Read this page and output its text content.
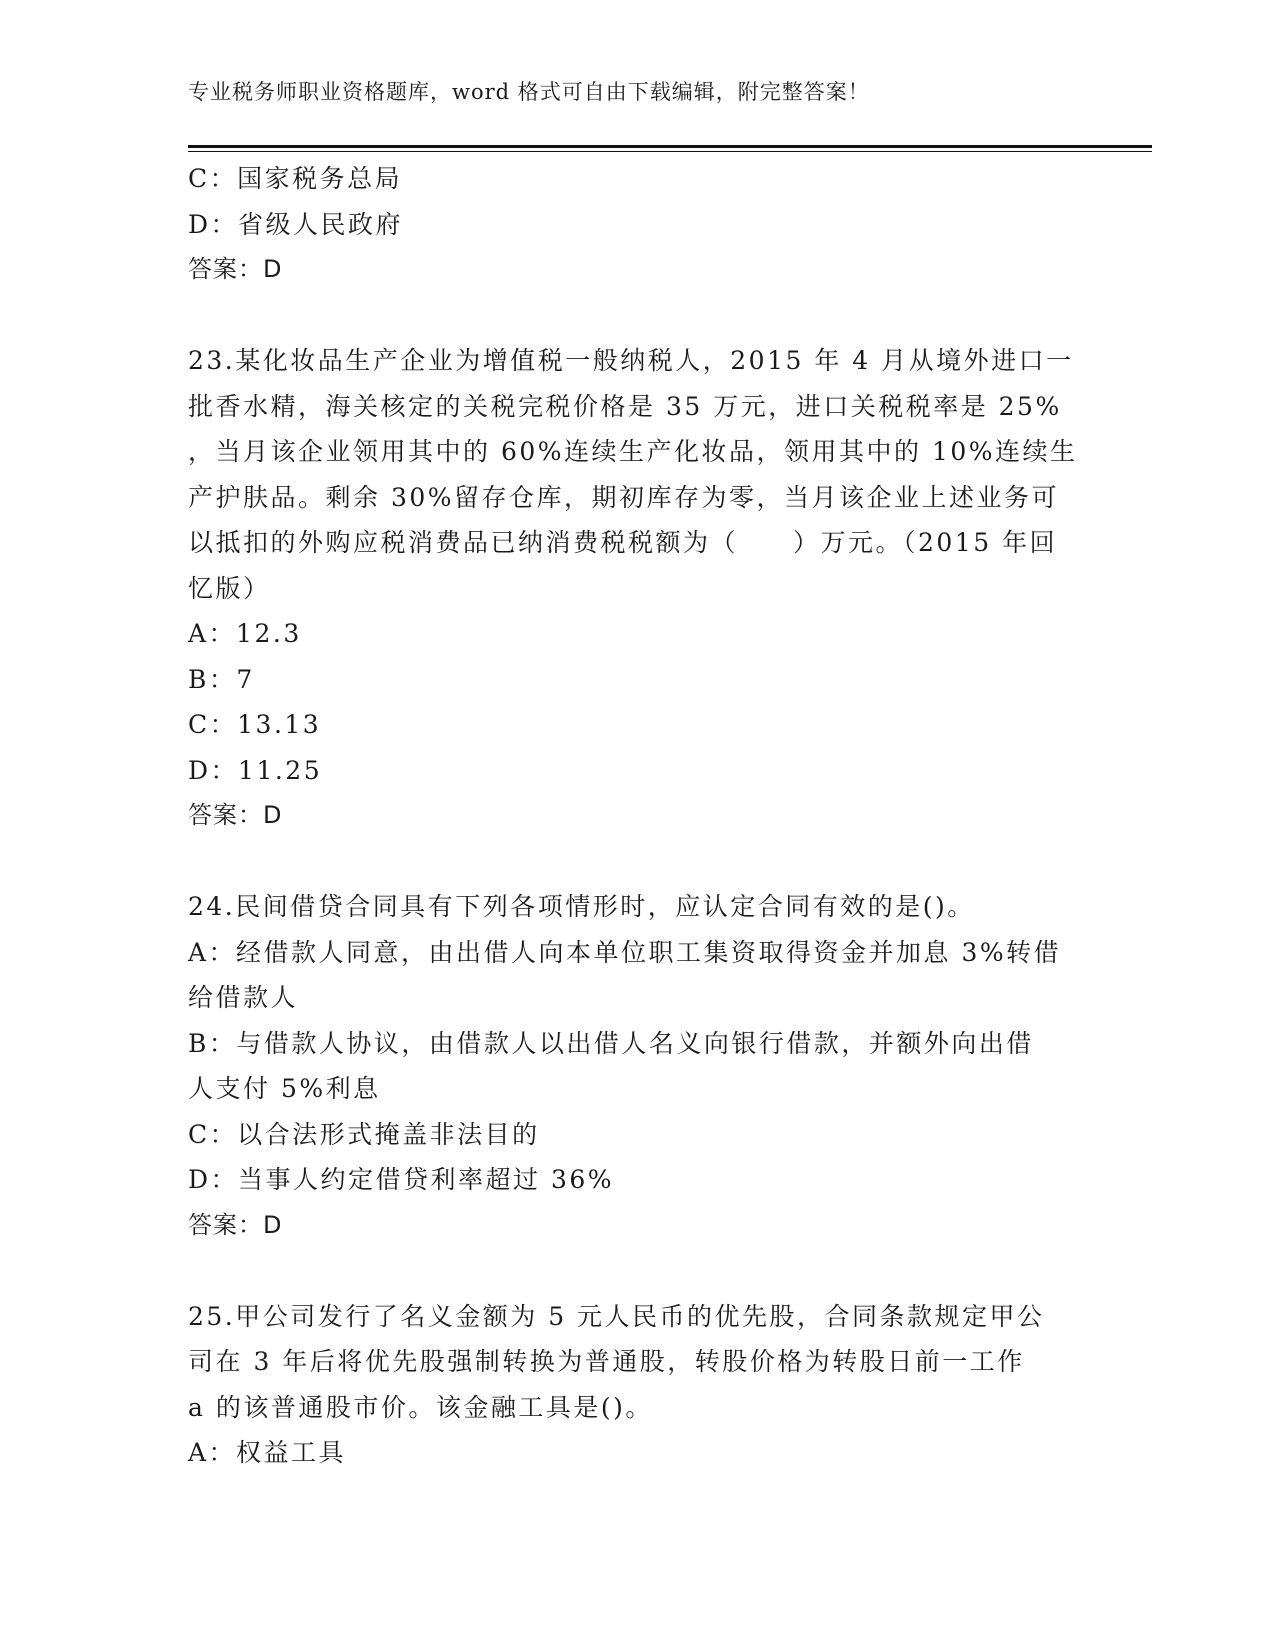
专业税务师职业资格题库，word 格式可自由下载编辑，附完整答案！
C：国家税务总局
D：省级人民政府
答案：D
23.某化妆品生产企业为增值税一般纳税人，2015 年 4 月从境外进口一
批香水精，海关核定的关税完税价格是 35 万元，进口关税税率是 25%
，当月该企业领用其中的 60%连续生产化妆品，领用其中的 10%连续生
产护肤品。剩余 30%留存仓库，期初库存为零，当月该企业上述业务可
以抵扣的外购应税消费品已纳消费税税额为（　　）万元。（2015 年回
忆版）
A：12.3
B：7
C：13.13
D：11.25
答案：D
24.民间借贷合同具有下列各项情形时，应认定合同有效的是()。
A：经借款人同意，由出借人向本单位职工集资取得资金并加息 3%转借
给借款人
B：与借款人协议，由借款人以出借人名义向银行借款，并额外向出借
人支付 5%利息
C：以合法形式掩盖非法目的
D：当事人约定借贷利率超过 36%
答案：D
25.甲公司发行了名义金额为 5 元人民币的优先股，合同条款规定甲公
司在 3 年后将优先股强制转换为普通股，转股价格为转股日前一工作
a 的该普通股市价。该金融工具是()。
A：权益工具
